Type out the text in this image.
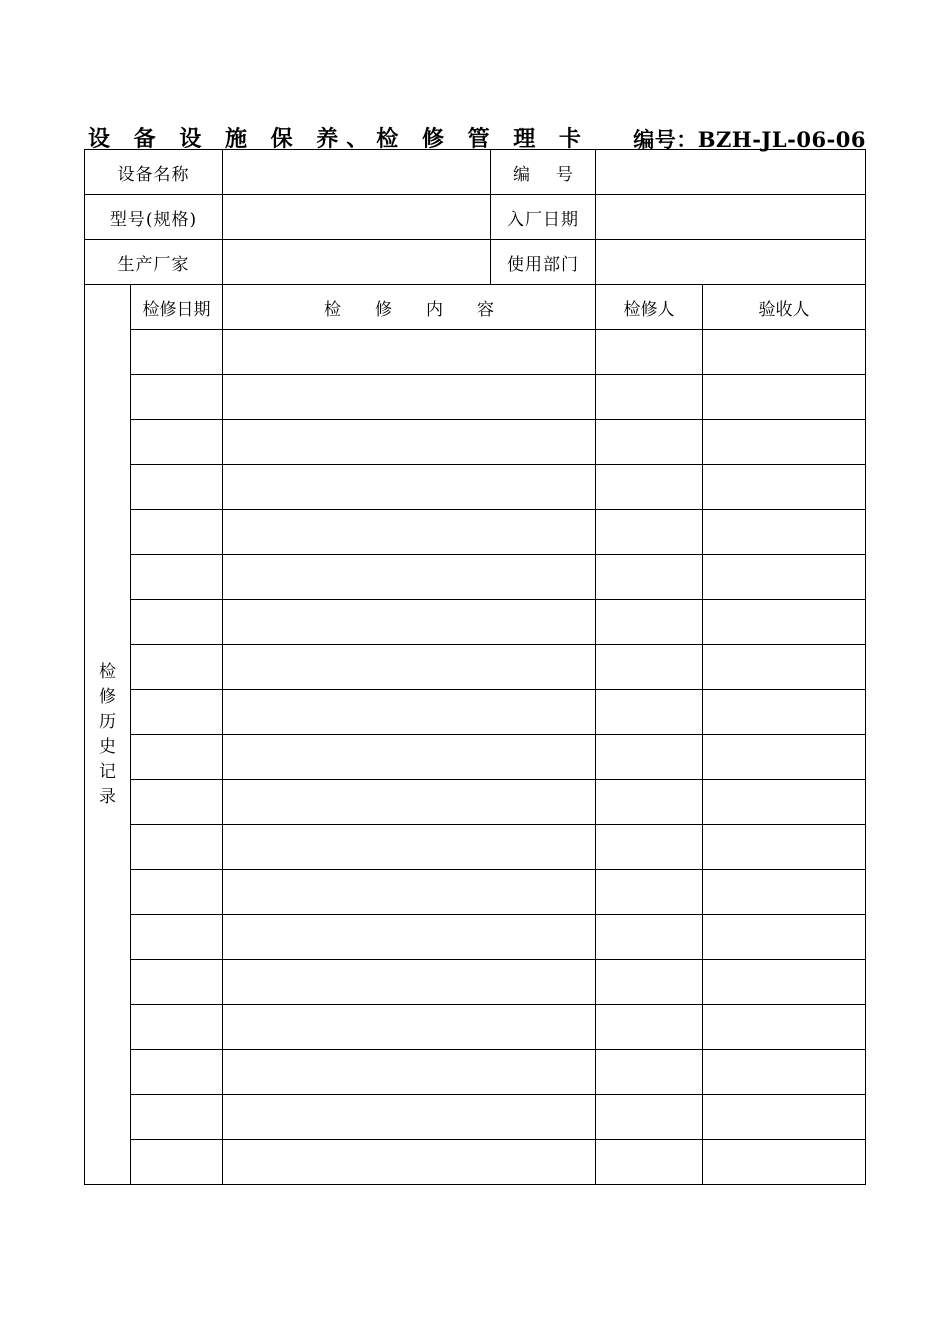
设 备 设 施 保 养、检 修 管 理 卡 编号：BZH-JL-06-06
设备名称			编 号		

型号(规格)			入厂日期		
生产厂家			使用部门		
检修历史记录	检修日期	检 修 内 容		检修人	验收人
